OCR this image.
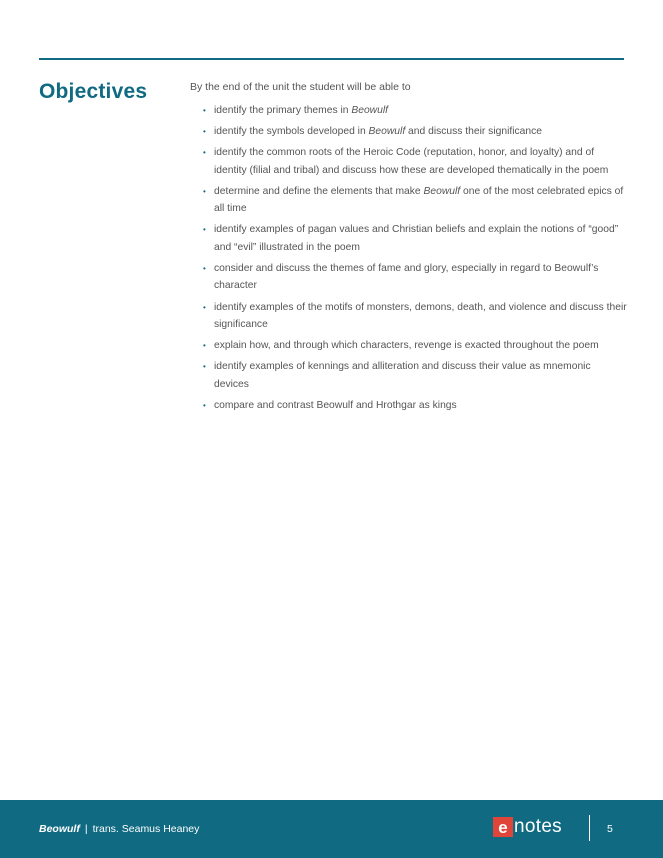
Objectives	By the end of the unit the student will be able to

• identify the primary themes in Beowulf
• identify the symbols developed in Beowulf and discuss their significance
• identify the common roots of the Heroic Code (reputation, honor, and loyalty) and of identity (filial and tribal) and discuss how these are developed thematically in the poem
• determine and define the elements that make Beowulf one of the most celebrated epics of all time
• identify examples of pagan values and Christian beliefs and explain the notions of “good” and “evil” illustrated in the poem
• consider and discuss the themes of fame and glory, especially in regard to Beowulf’s character
• identify examples of the motifs of monsters, demons, death, and violence and discuss their significance
• explain how, and through which characters, revenge is exacted throughout the poem
• identify examples of kennings and alliteration and discuss their value as mnemonic devices
• compare and contrast Beowulf and Hrothgar as kings
Beowulf | trans. Seamus Heaney	e notes	5
